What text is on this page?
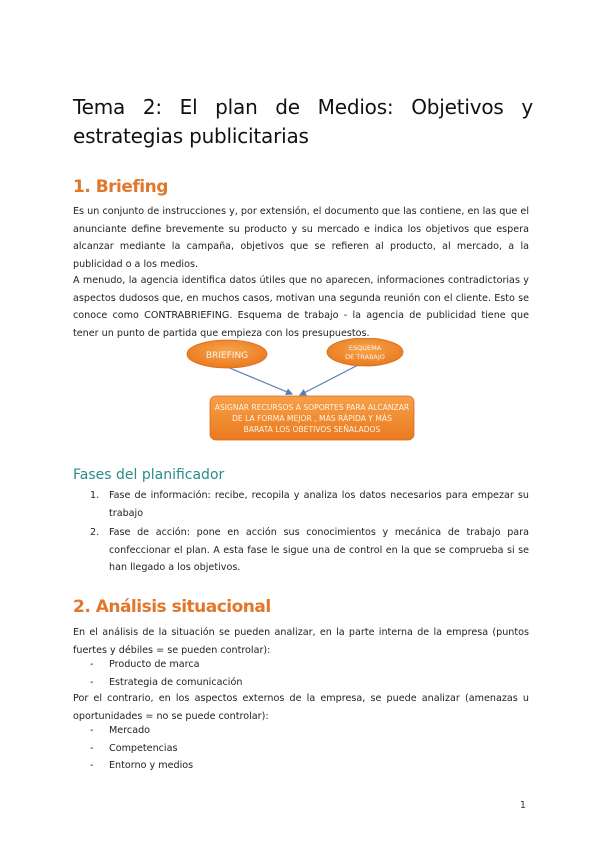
Tema 2: El plan de Medios: Objetivos y estrategias publicitarias
1. Briefing

Es un conjunto de instrucciones y, por extensión, el documento que las contiene, en las que el anunciante define brevemente su producto y su mercado e indica los objetivos que espera alcanzar mediante la campaña, objetivos que se refieren al producto, al mercado, a la publicidad o a los medios.

A menudo, la agencia identifica datos útiles que no aparecen, informaciones contradictorias y aspectos dudosos que, en muchos casos, motivan una segunda reunión con el cliente. Esto se conoce como CONTRABRIEFING. Esquema de trabajo - la agencia de publicidad tiene que tener un punto de partida que empieza con los presupuestos.

BRIEFING
ESQUEMA
DE TRABAJO
ASIGNAR RECURSOS A SOPORTES PARA ALCANZAR
DE LA FORMA MEJOR , MÁS RÁPIDA Y MÁS
BARATA LOS OBETIVOS SEÑALADOS
Fases del planificador
1. Fase de información: recibe, recopila y analiza los datos necesarios para empezar su trabajo
2. Fase de acción: pone en acción sus conocimientos y mecánica de trabajo para confeccionar el plan. A esta fase le sigue una de control en la que se comprueba si se han llegado a los objetivos.
2. Análisis situacional

En el análisis de la situación se pueden analizar, en la parte interna de la empresa (puntos fuertes y débiles = se pueden controlar):

- Producto de marca
- Estrategia de comunicación

Por el contrario, en los aspectos externos de la empresa, se puede analizar (amenazas u oportunidades = no se puede controlar):

- Mercado
- Competencias
- Entorno y medios
1
